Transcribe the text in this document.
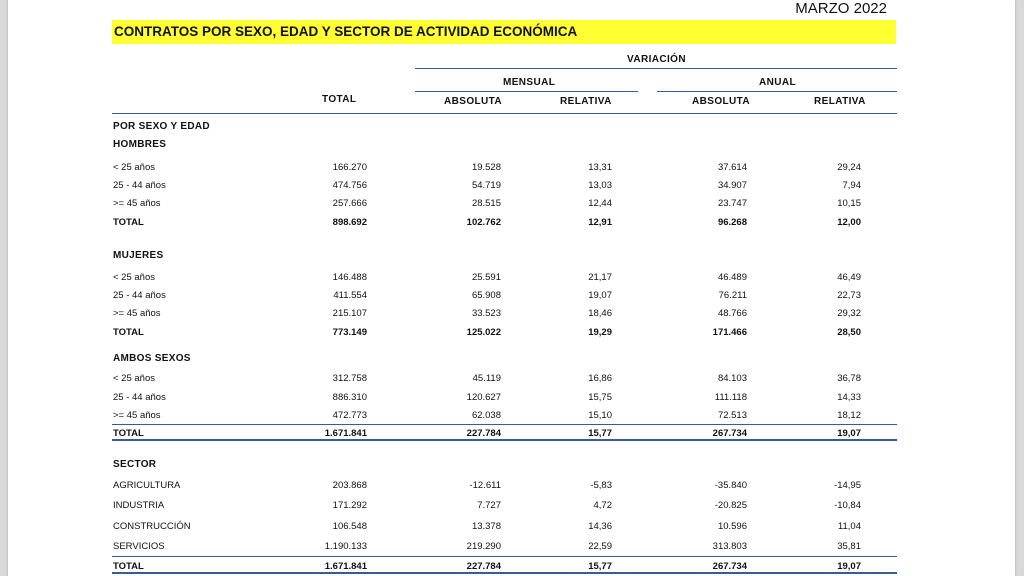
MARZO 2022
CONTRATOS POR SEXO, EDAD Y SECTOR DE ACTIVIDAD ECONÓMICA
VARIACIÓN
MENSUAL	ANUAL
TOTAL	ABSOLUTA	RELATIVA	ABSOLUTA	RELATIVA
POR SEXO Y EDAD
HOMBRES
< 25 años	166.270	19.528	13,31	37.614	29,24
25 - 44 años	474.756	54.719	13,03	34.907	7,94
>= 45 años	257.666	28.515	12,44	23.747	10,15
TOTAL	898.692	102.762	12,91	96.268	12,00
MUJERES
< 25 años	146.488	25.591	21,17	46.489	46,49
25 - 44 años	411.554	65.908	19,07	76.211	22,73
>= 45 años	215.107	33.523	18,46	48.766	29,32
TOTAL	773.149	125.022	19,29	171.466	28,50
AMBOS SEXOS
< 25 años	312.758	45.119	16,86	84.103	36,78
25 - 44 años	886.310	120.627	15,75	111.118	14,33
>= 45 años	472.773	62.038	15,10	72.513	18,12
TOTAL	1.671.841	227.784	15,77	267.734	19,07
SECTOR
AGRICULTURA	203.868	-12.611	-5,83	-35.840	-14,95
INDUSTRIA	171.292	7.727	4,72	-20.825	-10,84
CONSTRUCCIÓN	106.548	13.378	14,36	10.596	11,04
SERVICIOS	1.190.133	219.290	22,59	313.803	35,81
TOTAL	1.671.841	227.784	15,77	267.734	19,07
